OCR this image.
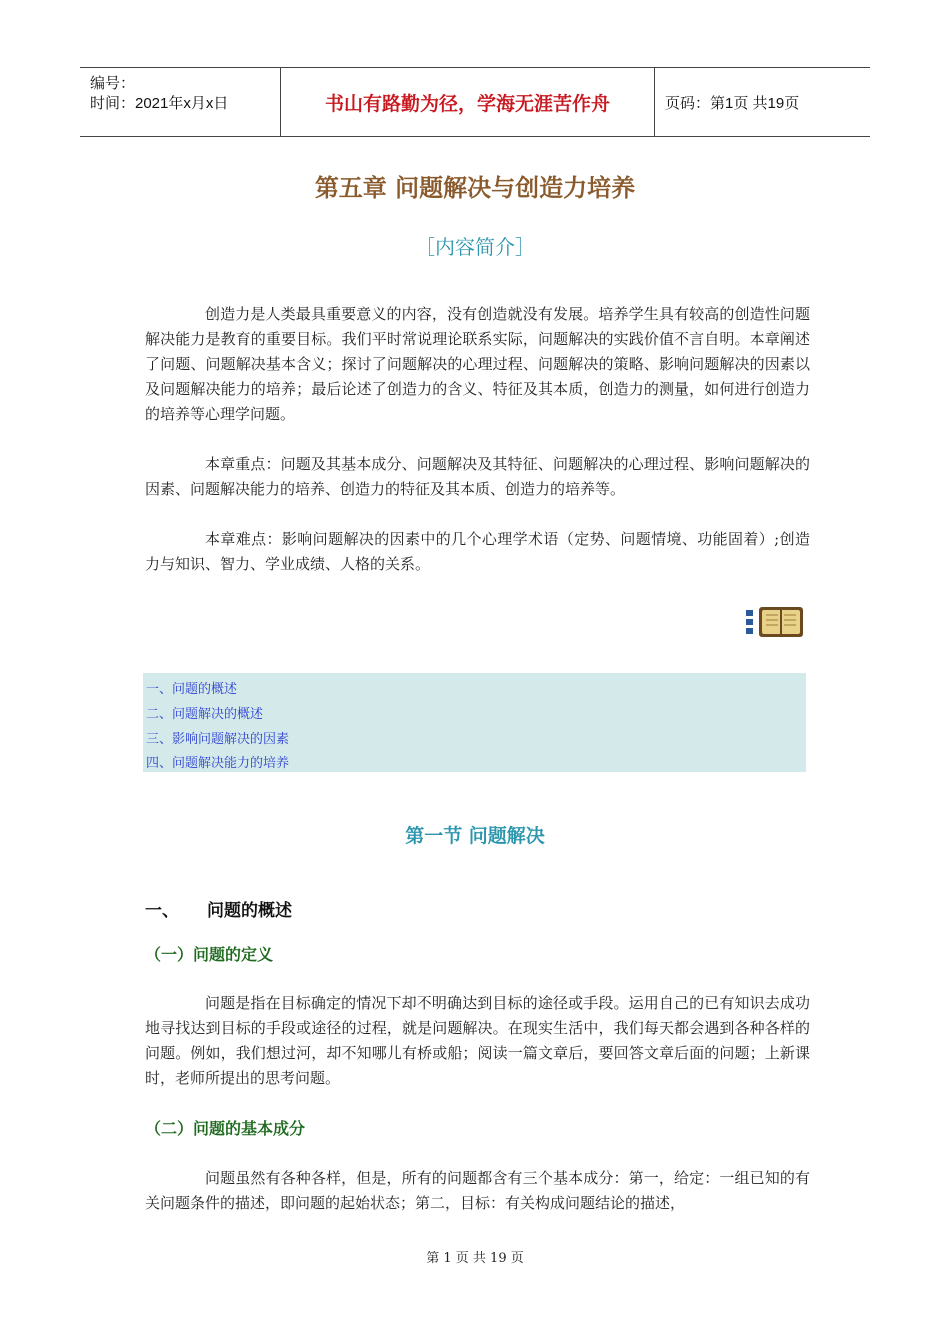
编号：
时间：2021年x月x日	书山有路勤为径，学海无涯苦作舟	页码：第1页 共19页
第五章 问题解决与创造力培养
［内容简介］
创造力是人类最具重要意义的内容，没有创造就没有发展。培养学生具有较高的创造性问题解决能力是教育的重要目标。我们平时常说理论联系实际，问题解决的实践价值不言自明。本章阐述了问题、问题解决基本含义；探讨了问题解决的心理过程、问题解决的策略、影响问题解决的因素以及问题解决能力的培养；最后论述了创造力的含义、特征及其本质，创造力的测量，如何进行创造力的培养等心理学问题。
本章重点：问题及其基本成分、问题解决及其特征、问题解决的心理过程、影响问题解决的因素、问题解决能力的培养、创造力的特征及其本质、创造力的培养等。
本章难点：影响问题解决的因素中的几个心理学术语（定势、问题情境、功能固着）;创造力与知识、智力、学业成绩、人格的关系。
一、问题的概述
二、问题解决的概述
三、影响问题解决的因素
四、问题解决能力的培养
第一节 问题解决
一、 问题的概述
（一）问题的定义
问题是指在目标确定的情况下却不明确达到目标的途径或手段。运用自己的已有知识去成功地寻找达到目标的手段或途径的过程，就是问题解决。在现实生活中，我们每天都会遇到各种各样的问题。例如，我们想过河，却不知哪儿有桥或船；阅读一篇文章后，要回答文章后面的问题；上新课时，老师所提出的思考问题。
（二）问题的基本成分
问题虽然有各种各样，但是，所有的问题都含有三个基本成分：第一，给定：一组已知的有关问题条件的描述，即问题的起始状态；第二，目标：有关构成问题结论的描述，
第 1 页 共 19 页
